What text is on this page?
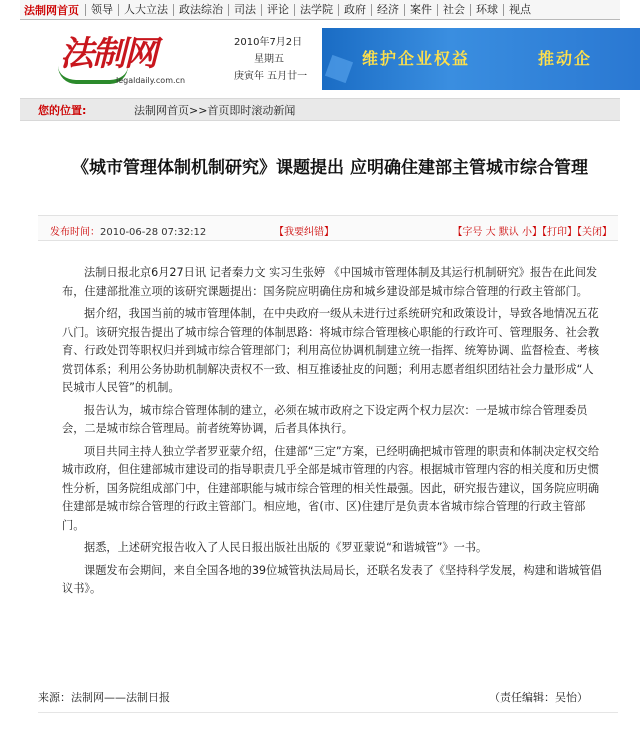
法制网首页	领导	人大立法	政法综治	司法	评论	法学院	政府	经济	案件	社会	环球	视点
法制网
legaldaily.com.cn
2010年7月2日
星期五
庚寅年 五月廿一
维护企业权益	推动企
您的位置:	法制网首页>>首页即时滚动新闻
《城市管理体制机制研究》课题提出 应明确住建部主管城市综合管理
发布时间：2010-06-28 07:32:12	【我要纠错】	【字号 大 默认 小】【打印】【关闭】

法制日报北京6月27日讯 记者秦力文 实习生张婷 《中国城市管理体制及其运行机制研究》报告在此间发布，住建部批准立项的该研究课题提出：国务院应明确住房和城乡建设部是城市综合管理的行政主管部门。

据介绍，我国当前的城市管理体制，在中央政府一级从未进行过系统研究和政策设计，导致各地情况五花八门。该研究报告提出了城市综合管理的体制思路：将城市综合管理核心职能的行政许可、管理服务、社会教育、行政处罚等职权归并到城市综合管理部门；利用高位协调机制建立统一指挥、统筹协调、监督检查、考核赏罚体系；利用公务协助机制解决责权不一致、相互推诿扯皮的问题；利用志愿者组织团结社会力量形成“人民城市人民管”的机制。

报告认为，城市综合管理体制的建立，必须在城市政府之下设定两个权力层次：一是城市综合管理委员会，二是城市综合管理局。前者统筹协调，后者具体执行。

项目共同主持人独立学者罗亚蒙介绍，住建部“三定”方案，已经明确把城市管理的职责和体制决定权交给城市政府，但住建部城市建设司的指导职责几乎全部是城市管理的内容。根据城市管理内容的相关度和历史惯性分析，国务院组成部门中，住建部职能与城市综合管理的相关性最强。因此，研究报告建议，国务院应明确住建部是城市综合管理的行政主管部门。相应地，省(市、区)住建厅是负责本省城市综合管理的行政主管部门。

据悉，上述研究报告收入了人民日报出版社出版的《罗亚蒙说“和谐城管”》一书。

课题发布会期间，来自全国各地的39位城管执法局局长，还联名发表了《坚持科学发展，构建和谐城管倡议书》。

来源：法制网——法制日报	（责任编辑：吴怡）
